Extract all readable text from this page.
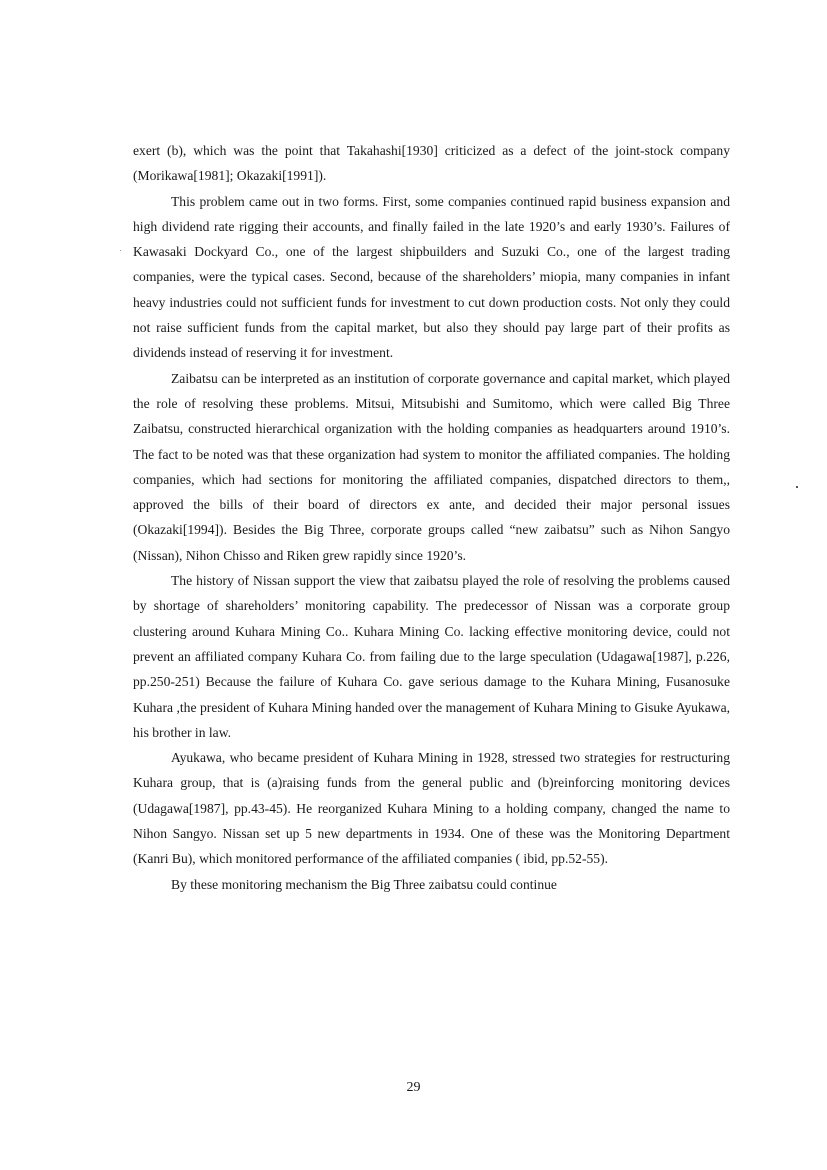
exert (b), which was the point that Takahashi[1930] criticized as a defect of the joint-stock company (Morikawa[1981]; Okazaki[1991]).

This problem came out in two forms. First, some companies continued rapid business expansion and high dividend rate rigging their accounts, and finally failed in the late 1920’s and early 1930’s. Failures of Kawasaki Dockyard Co., one of the largest shipbuilders and Suzuki Co., one of the largest trading companies, were the typical cases. Second, because of the shareholders’ miopia, many companies in infant heavy industries could not sufficient funds for investment to cut down production costs. Not only they could not raise sufficient funds from the capital market, but also they should pay large part of their profits as dividends instead of reserving it for investment.

Zaibatsu can be interpreted as an institution of corporate governance and capital market, which played the role of resolving these problems. Mitsui, Mitsubishi and Sumitomo, which were called Big Three Zaibatsu, constructed hierarchical organization with the holding companies as headquarters around 1910’s. The fact to be noted was that these organization had system to monitor the affiliated companies. The holding companies, which had sections for monitoring the affiliated companies, dispatched directors to them,, approved the bills of their board of directors ex ante, and decided their major personal issues (Okazaki[1994]). Besides the Big Three, corporate groups called “new zaibatsu” such as Nihon Sangyo (Nissan), Nihon Chisso and Riken grew rapidly since 1920’s.

The history of Nissan support the view that zaibatsu played the role of resolving the problems caused by shortage of shareholders’ monitoring capability. The predecessor of Nissan was a corporate group clustering around Kuhara Mining Co.. Kuhara Mining Co. lacking effective monitoring device, could not prevent an affiliated company Kuhara Co. from failing due to the large speculation (Udagawa[1987], p.226, pp.250-251) Because the failure of Kuhara Co. gave serious damage to the Kuhara Mining, Fusanosuke Kuhara ,the president of Kuhara Mining handed over the management of Kuhara Mining to Gisuke Ayukawa, his brother in law.

Ayukawa, who became president of Kuhara Mining in 1928, stressed two strategies for restructuring Kuhara group, that is (a)raising funds from the general public and (b)reinforcing monitoring devices (Udagawa[1987], pp.43-45). He reorganized Kuhara Mining to a holding company, changed the name to Nihon Sangyo. Nissan set up 5 new departments in 1934. One of these was the Monitoring Department (Kanri Bu), which monitored performance of the affiliated companies ( ibid, pp.52-55).

By these monitoring mechanism the Big Three zaibatsu could continue

29
